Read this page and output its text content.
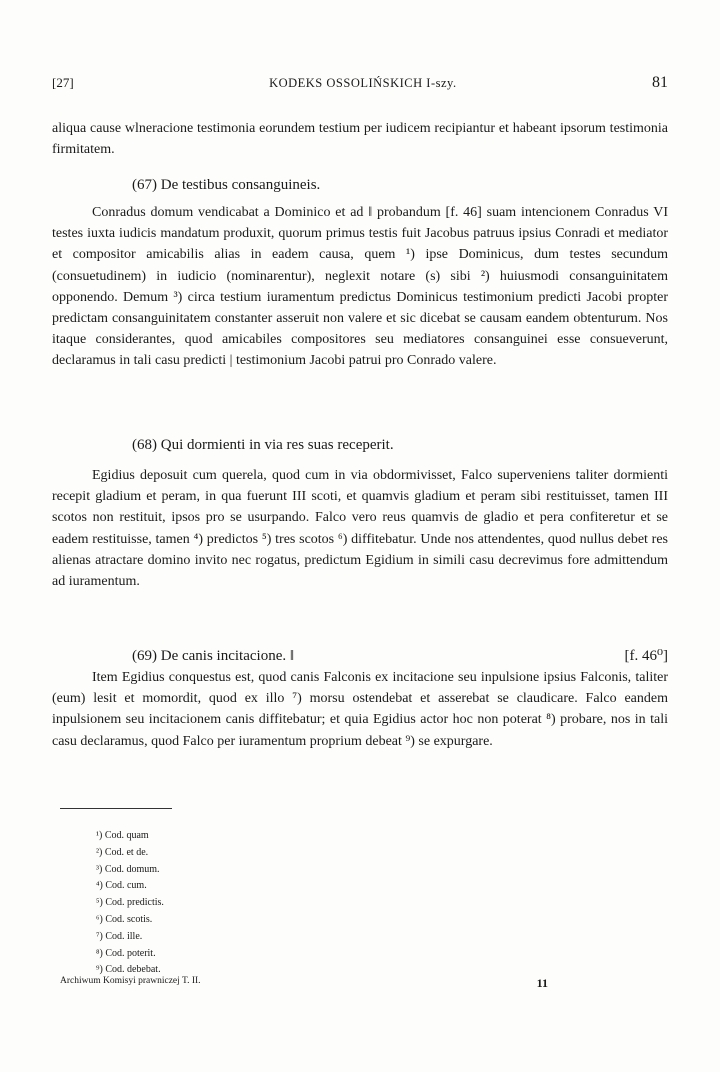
[27]	KODEKS OSSOLIŃSKICH I-szy.	81

aliqua cause wlneracione testimonia eorundem testium per iudicem recipiantur et habeant ipsorum testimonia firmitatem.

(67) De testibus consanguineis.

Conradus domum vendicabat a Dominico et ad ‖ probandum [f. 46] suam intencionem Conradus VI testes iuxta iudicis mandatum produxit, quorum primus testis fuit Jacobus patruus ipsius Conradi et mediator et compositor amicabilis alias in eadem causa, quem ¹) ipse Dominicus, dum testes secundum (consuetudinem) in iudicio (nominarentur), neglexit notare (s) sibi ²) huiusmodi consanguinitatem opponendo. Demum ³) circa testium iuramentum predictus Dominicus testimonium predicti Jacobi propter predictam consanguinitatem constanter asseruit non valere et sic dicebat se causam eandem obtenturum. Nos itaque considerantes, quod amicabiles compositores seu mediatores consanguinei esse consueverunt, declaramus in tali casu predicti | testimonium Jacobi patrui pro Conrado valere.

(68) Qui dormienti in via res suas receperit.

Egidius deposuit cum querela, quod cum in via obdormivisset, Falco superveniens taliter dormienti recepit gladium et peram, in qua fuerunt III scoti, et quamvis gladium et peram sibi restituisset, tamen III scotos non restituit, ipsos pro se usurpando. Falco vero reus quamvis de gladio et pera confiteretur et se eadem restituisse, tamen ⁴) predictos ⁵) tres scotos ⁶) diffitebatur. Unde nos attendentes, quod nullus debet res alienas atractare domino invito nec rogatus, predictum Egidium in simili casu decrevimus fore admittendum ad iuramentum.

(69) De canis incitacione. ‖	[f. 46⁰]

Item Egidius conquestus est, quod canis Falconis ex incitacione seu inpulsione ipsius Falconis, taliter (eum) lesit et momordit, quod ex illo ⁷) morsu ostendebat et asserebat se claudicare. Falco eandem inpulsionem seu incitacionem canis diffitebatur; et quia Egidius actor hoc non poterat ⁸) probare, nos in tali casu declaramus, quod Falco per iuramentum proprium debeat ⁹) se expurgare.

¹) Cod. quam
²) Cod. et de.
³) Cod. domum.
⁴) Cod. cum.
⁵) Cod. predictis.
⁶) Cod. scotis.
⁷) Cod. ille.
⁸) Cod. poterit.
⁹) Cod. debebat.
Archiwum Komisyi prawniczej T. II.	11
